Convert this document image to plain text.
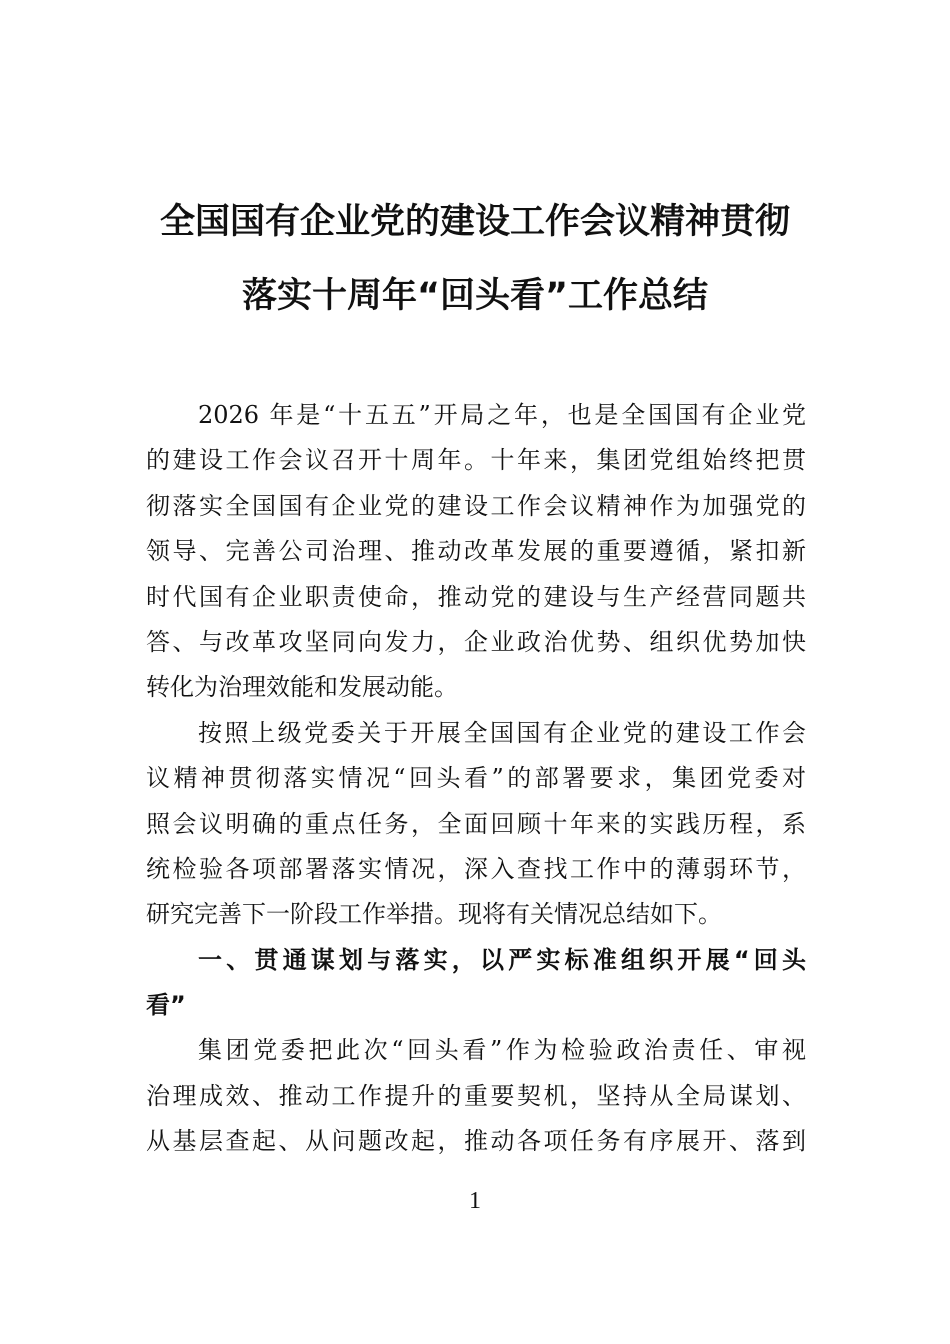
全国国有企业党的建设工作会议精神贯彻
落实十周年“回头看”工作总结
2026 年是“十五五”开局之年，也是全国国有企业党
的建设工作会议召开十周年。十年来，集团党组始终把贯
彻落实全国国有企业党的建设工作会议精神作为加强党的
领导、完善公司治理、推动改革发展的重要遵循，紧扣新
时代国有企业职责使命，推动党的建设与生产经营同题共
答、与改革攻坚同向发力，企业政治优势、组织优势加快
转化为治理效能和发展动能。
按照上级党委关于开展全国国有企业党的建设工作会
议精神贯彻落实情况“回头看”的部署要求，集团党委对
照会议明确的重点任务，全面回顾十年来的实践历程，系
统检验各项部署落实情况，深入查找工作中的薄弱环节，
研究完善下一阶段工作举措。现将有关情况总结如下。
一、贯通谋划与落实，以严实标准组织开展“回头
看”
集团党委把此次“回头看”作为检验政治责任、审视
治理成效、推动工作提升的重要契机，坚持从全局谋划、
从基层查起、从问题改起，推动各项任务有序展开、落到
1
